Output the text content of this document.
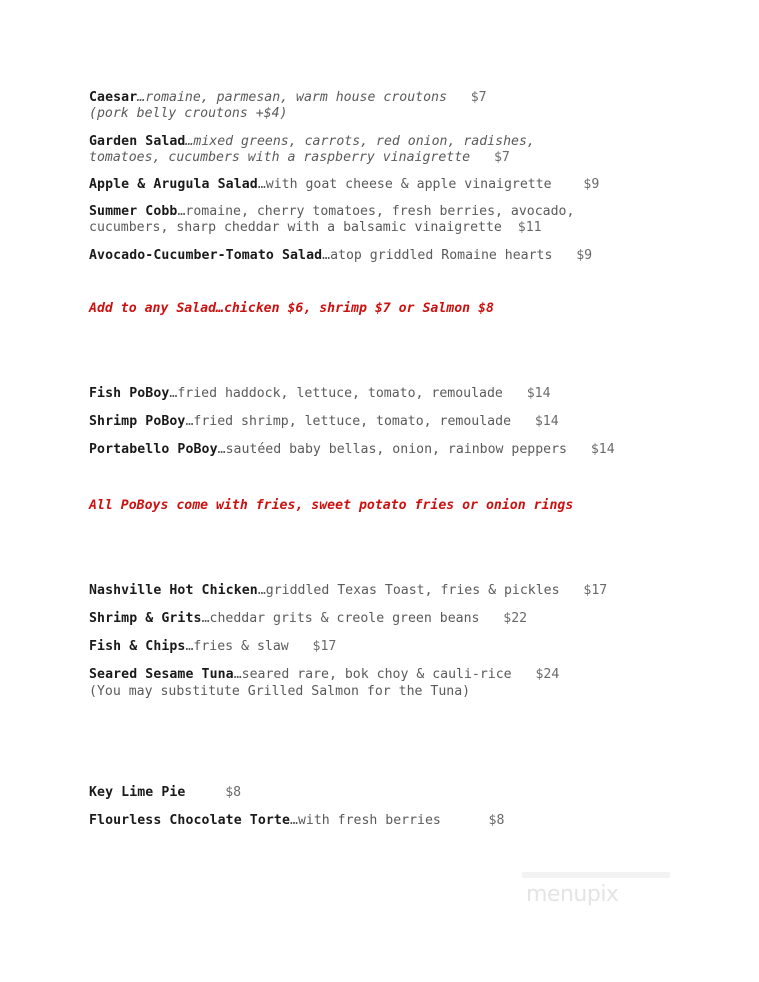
Caesar…romaine, parmesan, warm house croutons $7
(pork belly croutons +$4)
Garden Salad…mixed greens, carrots, red onion, radishes,
tomatoes, cucumbers with a raspberry vinaigrette $7
Apple & Arugula Salad…with goat cheese & apple vinaigrette $9
Summer Cobb…romaine, cherry tomatoes, fresh berries, avocado,
cucumbers, sharp cheddar with a balsamic vinaigrette $11
Avocado-Cucumber-Tomato Salad…atop griddled Romaine hearts $9
Add to any Salad…chicken $6, shrimp $7 or Salmon $8
Fish PoBoy…fried haddock, lettuce, tomato, remoulade $14
Shrimp PoBoy…fried shrimp, lettuce, tomato, remoulade $14
Portabello PoBoy…sautéed baby bellas, onion, rainbow peppers $14
All PoBoys come with fries, sweet potato fries or onion rings
Nashville Hot Chicken…griddled Texas Toast, fries & pickles $17
Shrimp & Grits…cheddar grits & creole green beans $22
Fish & Chips…fries & slaw $17
Seared Sesame Tuna…seared rare, bok choy & cauli-rice $24
(You may substitute Grilled Salmon for the Tuna)
Key Lime Pie	$8
Flourless Chocolate Torte…with fresh berries	$8
menupix
